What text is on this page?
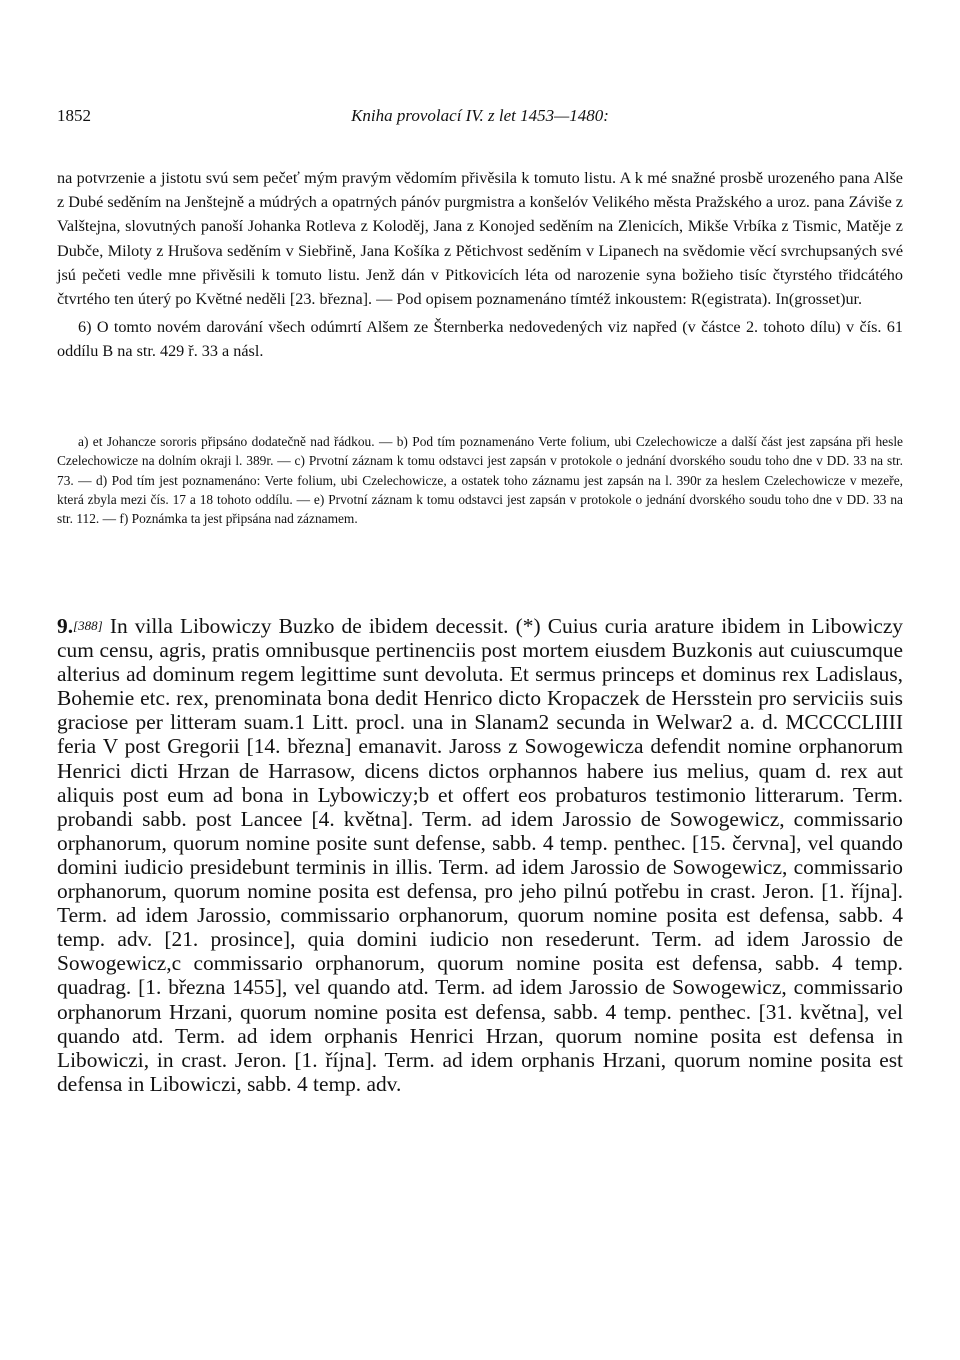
1852	Kniha provolací IV. z let 1453—1480:

na potvrzenie a jistotu svú sem pečeť mým pravým vědomím přivěsila k tomuto listu. A k mé snažné prosbě urozeného pana Alše z Dubé seděním na Jenštejně a múdrých a opatrných pánóv purgmistra a konšelóv Velikého města Pražského a uroz. pana Záviše z Valštejna, slovutných panoší Johanka Rotleva z Koloděj, Jana z Konojed seděním na Zlenicích, Mikše Vrbíka z Tismic, Matěje z Dubče, Miloty z Hrušova seděním v Siebřině, Jana Košíka z Pětichvost seděním v Lipanech na svědomie věcí svrchupsaných své jsú pečeti vedle mne přivěsili k tomuto listu. Jenž dán v Pitkovicích léta od narozenie syna božieho tisíc čtyrstého třidcátého čtvrtého ten úterý po Květné neděli [23. března]. — Pod opisem poznamenáno tímtéž inkoustem: R(egistrata). In(grosset)ur.

6) O tomto novém darování všech odúmrtí Alšem ze Šternberka nedovedených viz napřed (v částce 2. tohoto dílu) v čís. 61 oddílu B na str. 429 ř. 33 a násl.

a) et Johancze sororis připsáno dodatečně nad řádkou. — b) Pod tím poznamenáno Verte folium, ubi Czelechowicze a další část jest zapsána při hesle Czelechowicze na dolním okraji l. 389r. — c) Prvotní záznam k tomu odstavci jest zapsán v protokole o jednání dvorského soudu toho dne v DD. 33 na str. 73. — d) Pod tím jest poznamenáno: Verte folium, ubi Czelechowicze, a ostatek toho záznamu jest zapsán na l. 390r za heslem Czelechowicze v mezeře, která zbyla mezi čís. 17 a 18 tohoto oddílu. — e) Prvotní záznam k tomu odstavci jest zapsán v protokole o jednání dvorského soudu toho dne v DD. 33 na str. 112. — f) Poznámka ta jest připsána nad záznamem.

9.[388] In villa Libowiczy Buzko de ibidem decessit. (*) Cuius curia arature ibidem in Libowiczy cum censu, agris, pratis omnibusque pertinenciis post mortem eiusdem Buzkonis aut cuiuscumque alterius ad dominum regem legittime sunt devoluta. Et sermus princeps et dominus rex Ladislaus, Bohemie etc. rex, prenominata bona dedit Henrico dicto Kropaczek de Hersstein pro serviciis suis graciose per litteram suam.1 Litt. procl. una in Slanam2 secunda in Welwar2 a. d. MCCCCLIIII feria V post Gregorii [14. března] emanavit. Jaross z Sowogewicza defendit nomine orphanorum Henrici dicti Hrzan de Harrasow, dicens dictos orphannos habere ius melius, quam d. rex aut aliquis post eum ad bona in Lybowiczy;b et offert eos probaturos testimonio litterarum. Term. probandi sabb. post Lancee [4. května]. Term. ad idem Jarossio de Sowogewicz, commissario orphanorum, quorum nomine posite sunt defense, sabb. 4 temp. penthec. [15. června], vel quando domini iudicio presidebunt terminis in illis. Term. ad idem Jarossio de Sowogewicz, commissario orphanorum, quorum nomine posita est defensa, pro jeho pilnú potřebu in crast. Jeron. [1. října]. Term. ad idem Jarossio, commissario orphanorum, quorum nomine posita est defensa, sabb. 4 temp. adv. [21. prosince], quia domini iudicio non resederunt. Term. ad idem Jarossio de Sowogewicz,c commissario orphanorum, quorum nomine posita est defensa, sabb. 4 temp. quadrag. [1. března 1455], vel quando atd. Term. ad idem Jarossio de Sowogewicz, commissario orphanorum Hrzani, quorum nomine posita est defensa, sabb. 4 temp. penthec. [31. května], vel quando atd. Term. ad idem orphanis Henrici Hrzan, quorum nomine posita est defensa in Libowiczi, in crast. Jeron. [1. října]. Term. ad idem orphanis Hrzani, quorum nomine posita est defensa in Libowiczi, sabb. 4 temp. adv.
